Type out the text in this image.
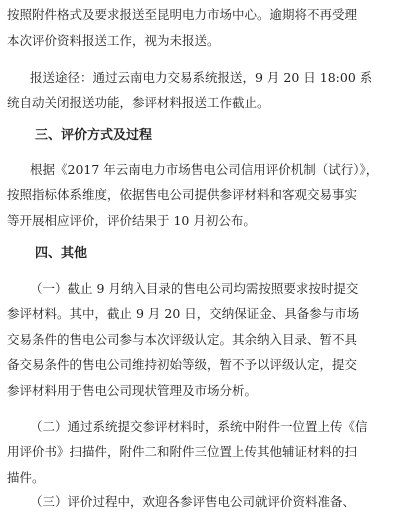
按照附件格式及要求报送至昆明电力市场中心。逾期将不再受理
本次评价资料报送工作，视为未报送。
报送途径：通过云南电力交易系统报送，9 月 20 日 18:00 系
统自动关闭报送功能，参评材料报送工作截止。
三、评价方式及过程
根据《2017 年云南电力市场售电公司信用评价机制（试行）》，
按照指标体系维度，依据售电公司提供参评材料和客观交易事实
等开展相应评价，评价结果于 10 月初公布。
四、其他
（一）截止 9 月纳入目录的售电公司均需按照要求按时提交
参评材料。其中，截止 9 月 20 日，交纳保证金、具备参与市场
交易条件的售电公司参与本次评级认定。其余纳入目录、暂不具
备交易条件的售电公司维持初始等级，暂不予以评级认定，提交
参评材料用于售电公司现状管理及市场分析。
（二）通过系统提交参评材料时，系统中附件一位置上传《信
用评价书》扫描件，附件二和附件三位置上传其他辅证材料的扫
描件。
（三）评价过程中，欢迎各参评售电公司就评价资料准备、
